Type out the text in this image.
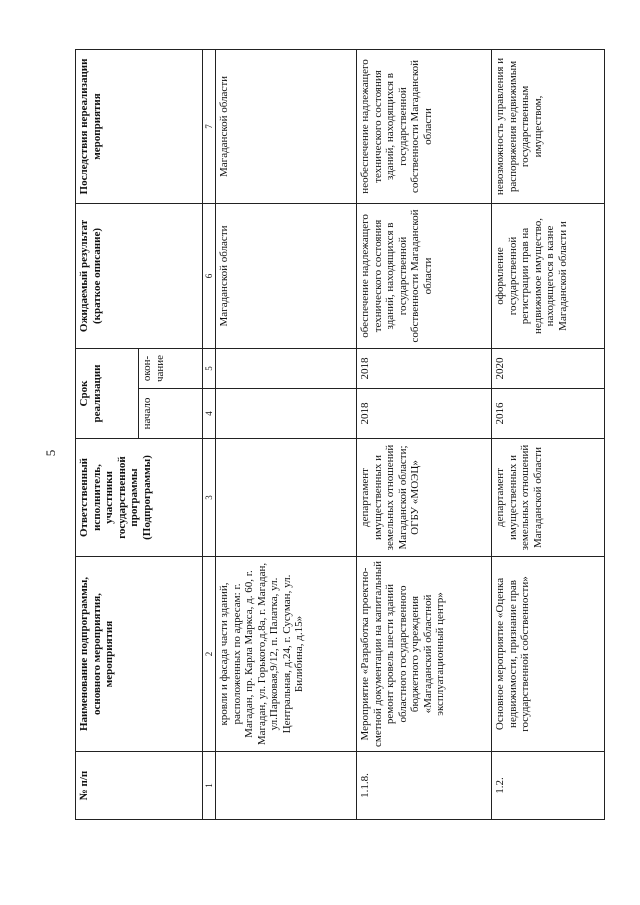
5
№ п/п	Наименование подпрограммы, основного мероприятия, мероприятия	Ответственный исполнитель, участники государственной программы (Подпрограммы)	Срок реализации		Ожидаемый результат (краткое описание)	Последствия нереализации мероприятия
			начало	окон-чание		
1	2	3	4	5	6	7
	кровли и фасада части зданий, расположенных по адресам: г. Магадан, пр. Карла Маркса, д. 60, г. Магадан, ул. Горького,д.8а, г. Магадан, ул.Парковая,9/12, п. Палатка, ул. Центральная, д.24, г. Сусуман, ул. Билибина, д.15»				Магаданской области	Магаданской области
1.1.8.	Мероприятие «Разработка проектно-сметной документации на капитальный ремонт кровель шести зданий областного государственного бюджетного учреждения «Магаданский областной эксплуатационный центр»	департамент имущественных и земельных отношений Магаданской области; ОГБУ «МОЭЦ»	2018	2018	обеспечение надлежащего технического состояния зданий, находящихся в государственной собственности Магаданской области	необеспечение надлежащего технического состояния зданий, находящихся в государственной собственности Магаданской области
1.2.	Основное мероприятие «Оценка недвижимости, признание прав государственной собственности»	департамент имущественных и земельных отношений Магаданской области	2016	2020	оформление государственной регистрации прав на недвижимое имущество, находящегося в казне Магаданской области и	невозможность управления и распоряжения недвижимым государственным имуществом,
